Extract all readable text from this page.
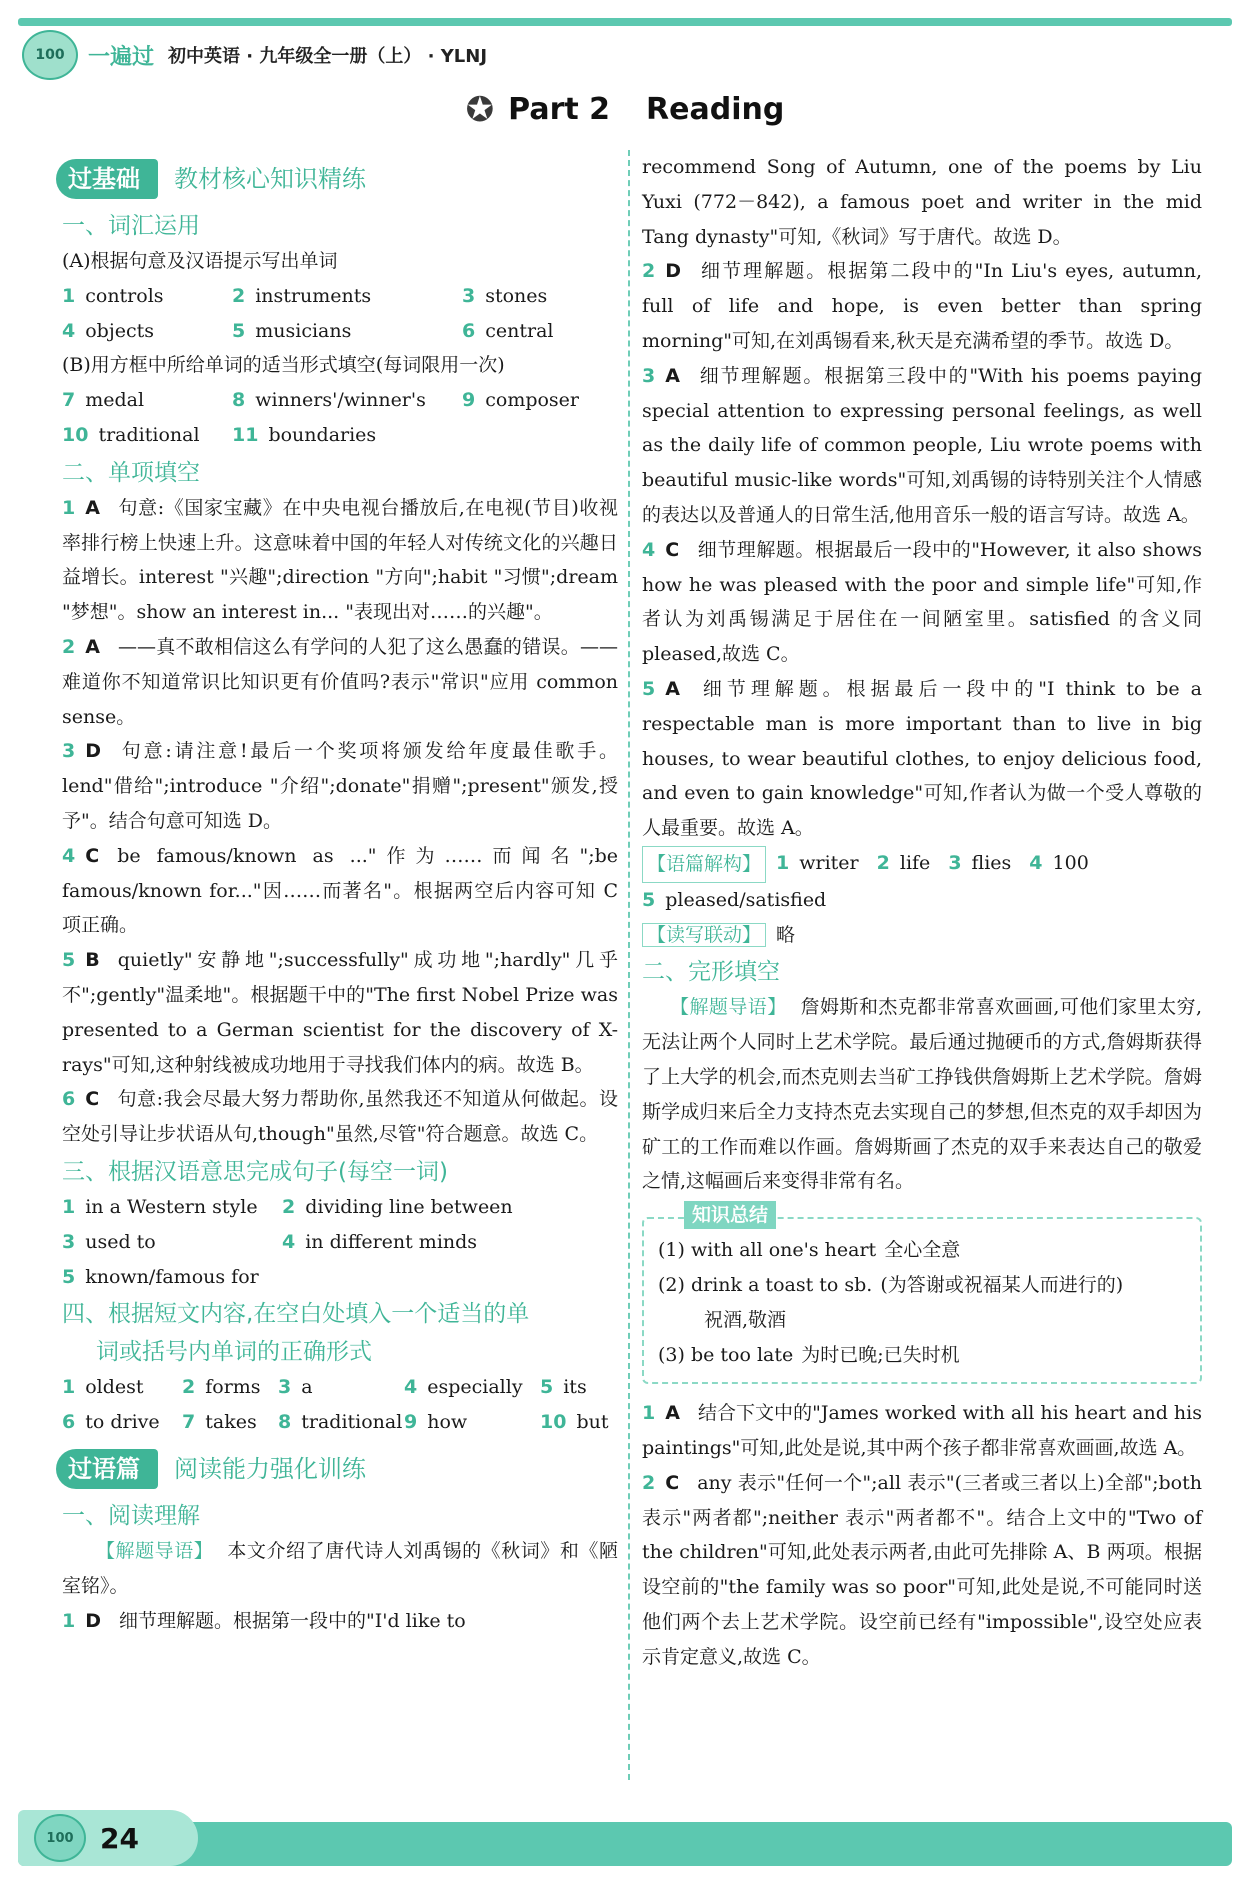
100 一遍过 初中英语 · 九年级全一册（上） · YLNJ
✪ Part 2 Reading
过基础	教材核心知识精练
一、词汇运用
(A)根据句意及汉语提示写出单词
1 controls	2 instruments	3 stones
4 objects	5 musicians	6 central
(B)用方框中所给单词的适当形式填空(每词限用一次)
7 medal	8 winners'/winner's	9 composer
10 traditional	11 boundaries
二、单项填空
1 A 句意:《国家宝藏》在中央电视台播放后,在电视(节目)收视率排行榜上快速上升。这意味着中国的年轻人对传统文化的兴趣日益增长。interest "兴趣";direction "方向";habit "习惯";dream "梦想"。show an interest in... "表现出对……的兴趣"。
2 A ——真不敢相信这么有学问的人犯了这么愚蠢的错误。——难道你不知道常识比知识更有价值吗?表示"常识"应用 common sense。
3 D 句意:请注意!最后一个奖项将颁发给年度最佳歌手。lend"借给";introduce "介绍";donate"捐赠";present"颁发,授予"。结合句意可知选 D。
4 C be famous/known as ..."作为……而闻名";be famous/known for..."因……而著名"。根据两空后内容可知 C 项正确。
5 B quietly"安静地";successfully"成功地";hardly"几乎不";gently"温柔地"。根据题干中的"The first Nobel Prize was presented to a German scientist for the discovery of X-rays"可知,这种射线被成功地用于寻找我们体内的病。故选 B。
6 C 句意:我会尽最大努力帮助你,虽然我还不知道从何做起。设空处引导让步状语从句,though"虽然,尽管"符合题意。故选 C。
三、根据汉语意思完成句子(每空一词)
1 in a Western style	2 dividing line between
3 used to	4 in different minds
5 known/famous for
四、根据短文内容,在空白处填入一个适当的单
词或括号内单词的正确形式
1 oldest	2 forms 3 a	4 especially 5 its
6 to drive	7 takes	8 traditional 9 how	10 but
过语篇	阅读能力强化训练
一、阅读理解
【解题导语】 本文介绍了唐代诗人刘禹锡的《秋词》和《陋室铭》。
1 D 细节理解题。根据第一段中的"I'd like to
recommend Song of Autumn, one of the poems by Liu Yuxi (772－842), a famous poet and writer in the mid Tang dynasty"可知,《秋词》写于唐代。故选 D。
2 D 细节理解题。根据第二段中的"In Liu's eyes, autumn, full of life and hope, is even better than spring morning"可知,在刘禹锡看来,秋天是充满希望的季节。故选 D。
3 A 细节理解题。根据第三段中的"With his poems paying special attention to expressing personal feelings, as well as the daily life of common people, Liu wrote poems with beautiful music-like words"可知,刘禹锡的诗特别关注个人情感的表达以及普通人的日常生活,他用音乐一般的语言写诗。故选 A。
4 C 细节理解题。根据最后一段中的"However, it also shows how he was pleased with the poor and simple life"可知,作者认为刘禹锡满足于居住在一间陋室里。satisfied 的含义同 pleased,故选 C。
5 A 细节理解题。根据最后一段中的"I think to be a respectable man is more important than to live in big houses, to wear beautiful clothes, to enjoy delicious food, and even to gain knowledge"可知,作者认为做一个受人尊敬的人最重要。故选 A。
【语篇解构】 1 writer 2 life 3 flies 4 100
5 pleased/satisfied
【读写联动】 略
二、完形填空
【解题导语】 詹姆斯和杰克都非常喜欢画画,可他们家里太穷,无法让两个人同时上艺术学院。最后通过抛硬币的方式,詹姆斯获得了上大学的机会,而杰克则去当矿工挣钱供詹姆斯上艺术学院。詹姆斯学成归来后全力支持杰克去实现自己的梦想,但杰克的双手却因为矿工的工作而难以作画。詹姆斯画了杰克的双手来表达自己的敬爱之情,这幅画后来变得非常有名。
知识总结
(1) with all one's heart 全心全意
(2) drink a toast to sb. (为答谢或祝福某人而进行的)
祝酒,敬酒
(3) be too late 为时已晚;已失时机
1 A 结合下文中的"James worked with all his heart and his paintings"可知,此处是说,其中两个孩子都非常喜欢画画,故选 A。
2 C any 表示"任何一个";all 表示"(三者或三者以上)全部";both 表示"两者都";neither 表示"两者都不"。结合上文中的"Two of the children"可知,此处表示两者,由此可先排除 A、B 两项。根据设空前的"the family was so poor"可知,此处是说,不可能同时送他们两个去上艺术学院。设空前已经有"impossible",设空处应表示肯定意义,故选 C。
100 24
